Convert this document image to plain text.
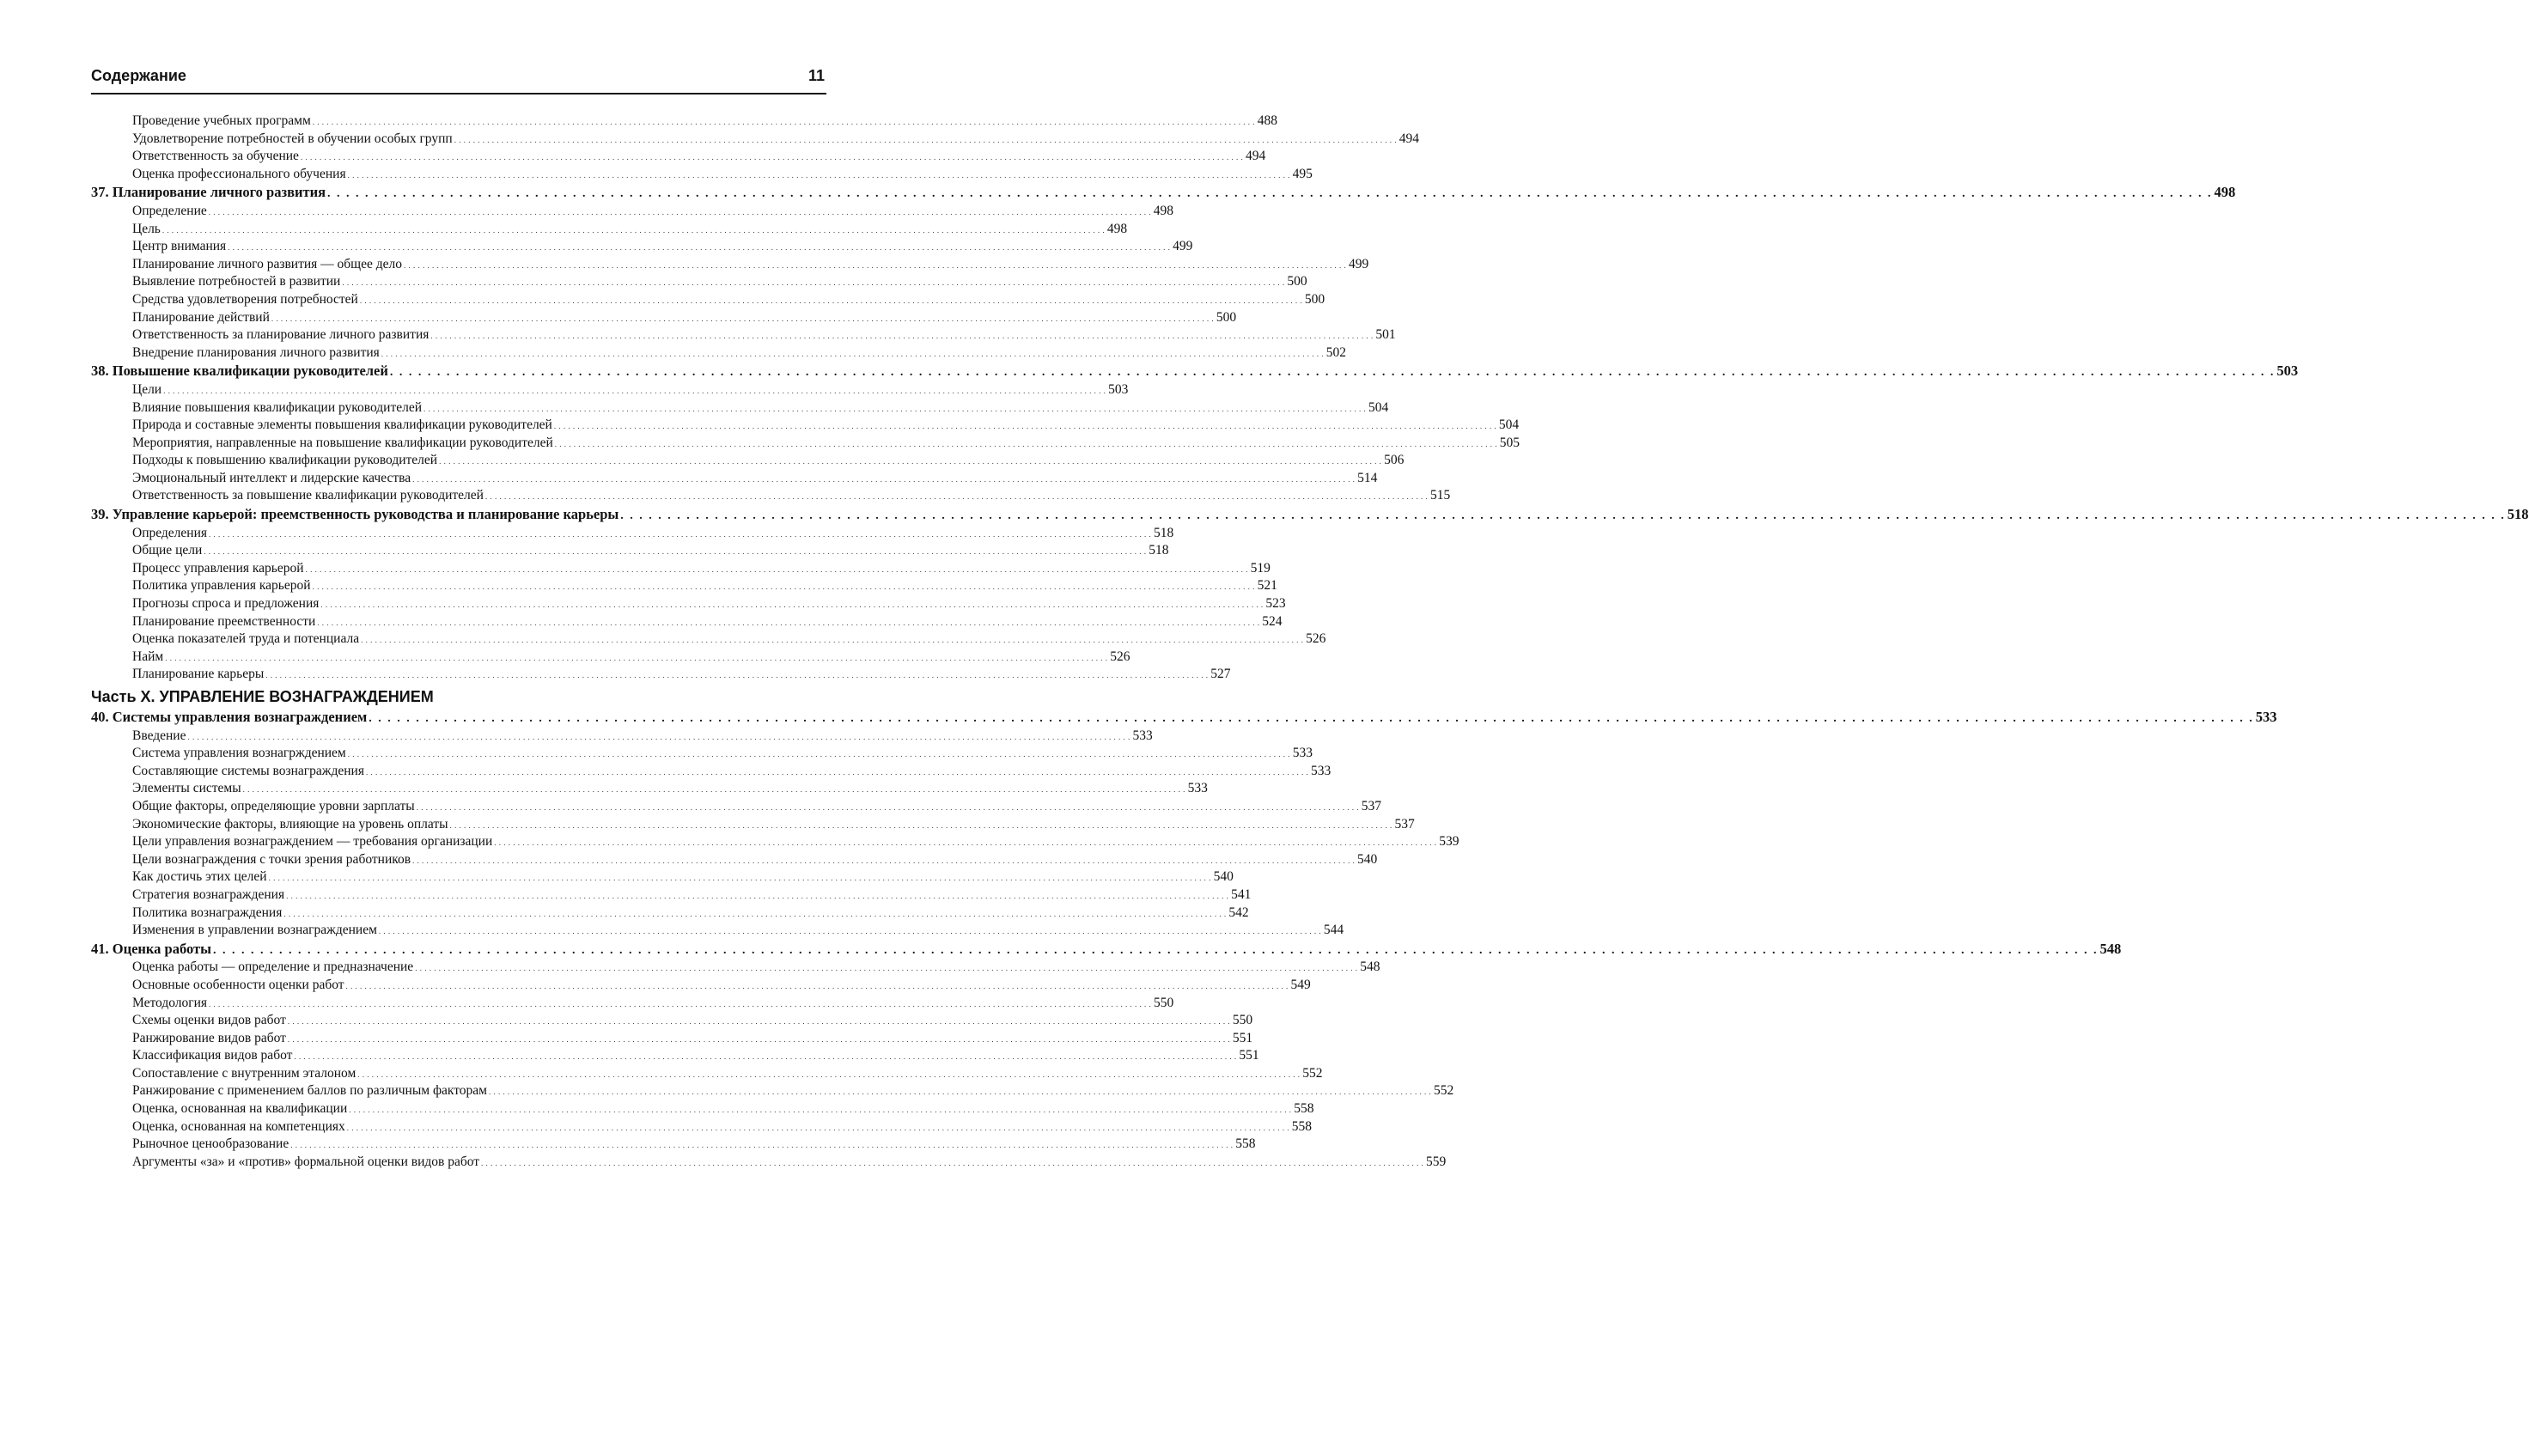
Содержание	11
Проведение учебных программ . . . . . . . . . . . . . . . . . . . . . . . . . . . . . . . . . . . . . . . . . . . . . . . . . . . . . . . . . . . . . . . . . . . . . . . . . . . . . . . . . . . . . . . . . . . . . . . . . . . . . . . . . . . . . . . . . . . . . . . . . . . . . . . . . . . . . . . . . . . . . . . . . . . . . . . . . . . . . . . . . . . . . . . . . . . . . . . . . . . . . . . . . . . . . . . . . . . . . . . . 488
Удовлетворение потребностей в обучении особых групп . . . . . . . . . . . . . . . . . . . . . . . . . . . . . . . . . . . . . . . . . . . . . . . . . . . . . . . . . . . . . . . . . . . . . . . . . . . . . . . . . . . . . . . . . . . . . . . . . . . . . . . . . . . . . . . . . . . . . . . . . . . . . . . . . . . . . . . . . . . . . . . . . . . . . . . . . . . . . . . . . . . . . . . . . . . . . . . . . . . . . . . . . . . . . . . . . . . . . . . . 494
Ответственность за обучение . . . . . . . . . . . . . . . . . . . . . . . . . . . . . . . . . . . . . . . . . . . . . . . . . . . . . . . . . . . . . . . . . . . . . . . . . . . . . . . . . . . . . . . . . . . . . . . . . . . . . . . . . . . . . . . . . . . . . . . . . . . . . . . . . . . . . . . . . . . . . . . . . . . . . . . . . . . . . . . . . . . . . . . . . . . . . . . . . . . . . . . . . . . . . . . . . . . . . . . . 494
Оценка профессионального обучения . . . . . . . . . . . . . . . . . . . . . . . . . . . . . . . . . . . . . . . . . . . . . . . . . . . . . . . . . . . . . . . . . . . . . . . . . . . . . . . . . . . . . . . . . . . . . . . . . . . . . . . . . . . . . . . . . . . . . . . . . . . . . . . . . . . . . . . . . . . . . . . . . . . . . . . . . . . . . . . . . . . . . . . . . . . . . . . . . . . . . . . . . . . . . . . . . . . . . . . . 495
37. Планирование личного развития . . . . . . . . . . . . . . . . . . . . . . . . . . . . . . . . . . . . . . . . . . . . . . . . . . . . . . . . . . . . . . . . . . . . . . . . . . . . . . . . . . . . . . . . . . . . . . . . . . . . . . . . . . . . . . . . . . . . . . . . . . . . . . . . . . . . . . . . . . . . . . . . . . . . . . . . . . . . . . . . . . . . . . . . . . . . . . . . . . . . . . . . . . . . . . . . . . . . . . . . 498
Определение . . . . . . . . . . . . . . . . . . . . . . . . . . . . . . . . . . . . . . . . . . . . . . . . . . . . . . . . . . . . . . . . . . . . . . . . . . . . . . . . . . . . . . . . . . . . . . . . . . . . . . . . . . . . . . . . . . . . . . . . . . . . . . . . . . . . . . . . . . . . . . . . . . . . . . . . . . . . . . . . . . . . . . . . . . . . . . . . . . . . . . . . . . . . . . . . . . . . . . . . 498
Цель . . . . . . . . . . . . . . . . . . . . . . . . . . . . . . . . . . . . . . . . . . . . . . . . . . . . . . . . . . . . . . . . . . . . . . . . . . . . . . . . . . . . . . . . . . . . . . . . . . . . . . . . . . . . . . . . . . . . . . . . . . . . . . . . . . . . . . . . . . . . . . . . . . . . . . . . . . . . . . . . . . . . . . . . . . . . . . . . . . . . . . . . . . . . . . . . . . . . . . . . 498
Центр внимания . . . . . . . . . . . . . . . . . . . . . . . . . . . . . . . . . . . . . . . . . . . . . . . . . . . . . . . . . . . . . . . . . . . . . . . . . . . . . . . . . . . . . . . . . . . . . . . . . . . . . . . . . . . . . . . . . . . . . . . . . . . . . . . . . . . . . . . . . . . . . . . . . . . . . . . . . . . . . . . . . . . . . . . . . . . . . . . . . . . . . . . . . . . . . . . . . . . . . . . . 499
Планирование личного развития — общее дело . . . . . . . . . . . . . . . . . . . . . . . . . . . . . . . . . . . . . . . . . . . . . . . . . . . . . . . . . . . . . . . . . . . . . . . . . . . . . . . . . . . . . . . . . . . . . . . . . . . . . . . . . . . . . . . . . . . . . . . . . . . . . . . . . . . . . . . . . . . . . . . . . . . . . . . . . . . . . . . . . . . . . . . . . . . . . . . . . . . . . . . . . . . . . . . . . . . . . . . . 499
Выявление потребностей в развитии . . . . . . . . . . . . . . . . . . . . . . . . . . . . . . . . . . . . . . . . . . . . . . . . . . . . . . . . . . . . . . . . . . . . . . . . . . . . . . . . . . . . . . . . . . . . . . . . . . . . . . . . . . . . . . . . . . . . . . . . . . . . . . . . . . . . . . . . . . . . . . . . . . . . . . . . . . . . . . . . . . . . . . . . . . . . . . . . . . . . . . . . . . . . . . . . . . . . . . . . 500
Средства удовлетворения потребностей . . . . . . . . . . . . . . . . . . . . . . . . . . . . . . . . . . . . . . . . . . . . . . . . . . . . . . . . . . . . . . . . . . . . . . . . . . . . . . . . . . . . . . . . . . . . . . . . . . . . . . . . . . . . . . . . . . . . . . . . . . . . . . . . . . . . . . . . . . . . . . . . . . . . . . . . . . . . . . . . . . . . . . . . . . . . . . . . . . . . . . . . . . . . . . . . . . . . . . . . 500
Планирование действий . . . . . . . . . . . . . . . . . . . . . . . . . . . . . . . . . . . . . . . . . . . . . . . . . . . . . . . . . . . . . . . . . . . . . . . . . . . . . . . . . . . . . . . . . . . . . . . . . . . . . . . . . . . . . . . . . . . . . . . . . . . . . . . . . . . . . . . . . . . . . . . . . . . . . . . . . . . . . . . . . . . . . . . . . . . . . . . . . . . . . . . . . . . . . . . . . . . . . . . . 500
Ответственность за планирование личного развития . . . . . . . . . . . . . . . . . . . . . . . . . . . . . . . . . . . . . . . . . . . . . . . . . . . . . . . . . . . . . . . . . . . . . . . . . . . . . . . . . . . . . . . . . . . . . . . . . . . . . . . . . . . . . . . . . . . . . . . . . . . . . . . . . . . . . . . . . . . . . . . . . . . . . . . . . . . . . . . . . . . . . . . . . . . . . . . . . . . . . . . . . . . . . . . . . . . . . . . . 501
Внедрение планирования личного развития . . . . . . . . . . . . . . . . . . . . . . . . . . . . . . . . . . . . . . . . . . . . . . . . . . . . . . . . . . . . . . . . . . . . . . . . . . . . . . . . . . . . . . . . . . . . . . . . . . . . . . . . . . . . . . . . . . . . . . . . . . . . . . . . . . . . . . . . . . . . . . . . . . . . . . . . . . . . . . . . . . . . . . . . . . . . . . . . . . . . . . . . . . . . . . . . . . . . . . . . 502
38. Повышение квалификации руководителей . . . . . . . . . . . . . . . . . . . . . . . . . . . . . . . . . . . . . . . . . . . . . . . . . . . . . . . . . . . . . . . . . . . . . . . . . . . . . . . . . . . . . . . . . . . . . . . . . . . . . . . . . . . . . . . . . . . . . . . . . . . . . . . . . . . . . . . . . . . . . . . . . . . . . . . . . . . . . . . . . . . . . . . . . . . . . . . . . . . . . . . . . . . . . . . . . . . . . . . . 503
Цели . . . . . . . . . . . . . . . . . . . . . . . . . . . . . . . . . . . . . . . . . . . . . . . . . . . . . . . . . . . . . . . . . . . . . . . . . . . . . . . . . . . . . . . . . . . . . . . . . . . . . . . . . . . . . . . . . . . . . . . . . . . . . . . . . . . . . . . . . . . . . . . . . . . . . . . . . . . . . . . . . . . . . . . . . . . . . . . . . . . . . . . . . . . . . . . . . . . . . . . . 503
Влияние повышения квалификации руководителей . . . . . . . . . . . . . . . . . . . . . . . . . . . . . . . . . . . . . . . . . . . . . . . . . . . . . . . . . . . . . . . . . . . . . . . . . . . . . . . . . . . . . . . . . . . . . . . . . . . . . . . . . . . . . . . . . . . . . . . . . . . . . . . . . . . . . . . . . . . . . . . . . . . . . . . . . . . . . . . . . . . . . . . . . . . . . . . . . . . . . . . . . . . . . . . . . . . . . . . . 504
Природа и составные элементы повышения квалификации руководителей . . . . . . . . . . . . . . . . . . . . . . . . . . . . . . . . . . . . . . . . . . . . . . . . . . . . . . . . . . . . . . . . . . . . . . . . . . . . . . . . . . . . . . . . . . . . . . . . . . . . . . . . . . . . . . . . . . . . . . . . . . . . . . . . . . . . . . . . . . . . . . . . . . . . . . . . . . . . . . . . . . . . . . . . . . . . . . . . . . . . . . . . . . . . . . . . . . . . . . . . 504
Мероприятия, направленные на повышение квалификации руководителей . . . . . . . . . . . . . . . . . . . . . . . . . . . . . . . . . . . . . . . . . . . . . . . . . . . . . . . . . . . . . . . . . . . . . . . . . . . . . . . . . . . . . . . . . . . . . . . . . . . . . . . . . . . . . . . . . . . . . . . . . . . . . . . . . . . . . . . . . . . . . . . . . . . . . . . . . . . . . . . . . . . . . . . . . . . . . . . . . . . . . . . . . . . . . . . . . . . . . . . . 505
Подходы к повышению квалификации руководителей . . . . . . . . . . . . . . . . . . . . . . . . . . . . . . . . . . . . . . . . . . . . . . . . . . . . . . . . . . . . . . . . . . . . . . . . . . . . . . . . . . . . . . . . . . . . . . . . . . . . . . . . . . . . . . . . . . . . . . . . . . . . . . . . . . . . . . . . . . . . . . . . . . . . . . . . . . . . . . . . . . . . . . . . . . . . . . . . . . . . . . . . . . . . . . . . . . . . . . . . 506
Эмоциональный интеллект и лидерские качества . . . . . . . . . . . . . . . . . . . . . . . . . . . . . . . . . . . . . . . . . . . . . . . . . . . . . . . . . . . . . . . . . . . . . . . . . . . . . . . . . . . . . . . . . . . . . . . . . . . . . . . . . . . . . . . . . . . . . . . . . . . . . . . . . . . . . . . . . . . . . . . . . . . . . . . . . . . . . . . . . . . . . . . . . . . . . . . . . . . . . . . . . . . . . . . . . . . . . . . . 514
Ответственность за повышение квалификации руководителей . . . . . . . . . . . . . . . . . . . . . . . . . . . . . . . . . . . . . . . . . . . . . . . . . . . . . . . . . . . . . . . . . . . . . . . . . . . . . . . . . . . . . . . . . . . . . . . . . . . . . . . . . . . . . . . . . . . . . . . . . . . . . . . . . . . . . . . . . . . . . . . . . . . . . . . . . . . . . . . . . . . . . . . . . . . . . . . . . . . . . . . . . . . . . . . . . . . . . . . . 515
39. Управление карьерой: преемственность руководства и планирование карьеры . . . . . . . . . . . . . . . . . . . . . . . . . . . . . . . . . . . . . . . . . . . . . . . . . . . . . . . . . . . . . . . . . . . . . . . . . . . . . . . . . . . . . . . . . . . . . . . . . . . . . . . . . . . . . . . . . . . . . . . . . . . . . . . . . . . . . . . . . . . . . . . . . . . . . . . . . . . . . . . . . . . . . . . . . . . . . . . . . . . . . . . . . . . . . . . . . . . . . . . . 518
Определения . . . . . . . . . . . . . . . . . . . . . . . . . . . . . . . . . . . . . . . . . . . . . . . . . . . . . . . . . . . . . . . . . . . . . . . . . . . . . . . . . . . . . . . . . . . . . . . . . . . . . . . . . . . . . . . . . . . . . . . . . . . . . . . . . . . . . . . . . . . . . . . . . . . . . . . . . . . . . . . . . . . . . . . . . . . . . . . . . . . . . . . . . . . . . . . . . . . . . . . . 518
Общие цели . . . . . . . . . . . . . . . . . . . . . . . . . . . . . . . . . . . . . . . . . . . . . . . . . . . . . . . . . . . . . . . . . . . . . . . . . . . . . . . . . . . . . . . . . . . . . . . . . . . . . . . . . . . . . . . . . . . . . . . . . . . . . . . . . . . . . . . . . . . . . . . . . . . . . . . . . . . . . . . . . . . . . . . . . . . . . . . . . . . . . . . . . . . . . . . . . . . . . . . . 518
Процесс управления карьерой . . . . . . . . . . . . . . . . . . . . . . . . . . . . . . . . . . . . . . . . . . . . . . . . . . . . . . . . . . . . . . . . . . . . . . . . . . . . . . . . . . . . . . . . . . . . . . . . . . . . . . . . . . . . . . . . . . . . . . . . . . . . . . . . . . . . . . . . . . . . . . . . . . . . . . . . . . . . . . . . . . . . . . . . . . . . . . . . . . . . . . . . . . . . . . . . . . . . . . . . 519
Политика управления карьерой . . . . . . . . . . . . . . . . . . . . . . . . . . . . . . . . . . . . . . . . . . . . . . . . . . . . . . . . . . . . . . . . . . . . . . . . . . . . . . . . . . . . . . . . . . . . . . . . . . . . . . . . . . . . . . . . . . . . . . . . . . . . . . . . . . . . . . . . . . . . . . . . . . . . . . . . . . . . . . . . . . . . . . . . . . . . . . . . . . . . . . . . . . . . . . . . . . . . . . . . 521
Прогнозы спроса и предложения . . . . . . . . . . . . . . . . . . . . . . . . . . . . . . . . . . . . . . . . . . . . . . . . . . . . . . . . . . . . . . . . . . . . . . . . . . . . . . . . . . . . . . . . . . . . . . . . . . . . . . . . . . . . . . . . . . . . . . . . . . . . . . . . . . . . . . . . . . . . . . . . . . . . . . . . . . . . . . . . . . . . . . . . . . . . . . . . . . . . . . . . . . . . . . . . . . . . . . . . 523
Планирование преемственности . . . . . . . . . . . . . . . . . . . . . . . . . . . . . . . . . . . . . . . . . . . . . . . . . . . . . . . . . . . . . . . . . . . . . . . . . . . . . . . . . . . . . . . . . . . . . . . . . . . . . . . . . . . . . . . . . . . . . . . . . . . . . . . . . . . . . . . . . . . . . . . . . . . . . . . . . . . . . . . . . . . . . . . . . . . . . . . . . . . . . . . . . . . . . . . . . . . . . . . . 524
Оценка показателей труда и потенциала . . . . . . . . . . . . . . . . . . . . . . . . . . . . . . . . . . . . . . . . . . . . . . . . . . . . . . . . . . . . . . . . . . . . . . . . . . . . . . . . . . . . . . . . . . . . . . . . . . . . . . . . . . . . . . . . . . . . . . . . . . . . . . . . . . . . . . . . . . . . . . . . . . . . . . . . . . . . . . . . . . . . . . . . . . . . . . . . . . . . . . . . . . . . . . . . . . . . . . . . 526
Найм . . . . . . . . . . . . . . . . . . . . . . . . . . . . . . . . . . . . . . . . . . . . . . . . . . . . . . . . . . . . . . . . . . . . . . . . . . . . . . . . . . . . . . . . . . . . . . . . . . . . . . . . . . . . . . . . . . . . . . . . . . . . . . . . . . . . . . . . . . . . . . . . . . . . . . . . . . . . . . . . . . . . . . . . . . . . . . . . . . . . . . . . . . . . . . . . . . . . . . . . 526
Планирование карьеры . . . . . . . . . . . . . . . . . . . . . . . . . . . . . . . . . . . . . . . . . . . . . . . . . . . . . . . . . . . . . . . . . . . . . . . . . . . . . . . . . . . . . . . . . . . . . . . . . . . . . . . . . . . . . . . . . . . . . . . . . . . . . . . . . . . . . . . . . . . . . . . . . . . . . . . . . . . . . . . . . . . . . . . . . . . . . . . . . . . . . . . . . . . . . . . . . . . . . . . . 527
Часть X. УПРАВЛЕНИЕ ВОЗНАГРАЖДЕНИЕМ
40. Системы управления вознаграждением . . . . . . . . . . . . . . . . . . . . . . . . . . . . . . . . . . . . . . . . . . . . . . . . . . . . . . . . . . . . . . . . . . . . . . . . . . . . . . . . . . . . . . . . . . . . . . . . . . . . . . . . . . . . . . . . . . . . . . . . . . . . . . . . . . . . . . . . . . . . . . . . . . . . . . . . . . . . . . . . . . . . . . . . . . . . . . . . . . . . . . . . . . . . . . . . . . . . . . . . 533
Введение . . . . . . . . . . . . . . . . . . . . . . . . . . . . . . . . . . . . . . . . . . . . . . . . . . . . . . . . . . . . . . . . . . . . . . . . . . . . . . . . . . . . . . . . . . . . . . . . . . . . . . . . . . . . . . . . . . . . . . . . . . . . . . . . . . . . . . . . . . . . . . . . . . . . . . . . . . . . . . . . . . . . . . . . . . . . . . . . . . . . . . . . . . . . . . . . . . . . . . . . 533
Система управления вознагрждением . . . . . . . . . . . . . . . . . . . . . . . . . . . . . . . . . . . . . . . . . . . . . . . . . . . . . . . . . . . . . . . . . . . . . . . . . . . . . . . . . . . . . . . . . . . . . . . . . . . . . . . . . . . . . . . . . . . . . . . . . . . . . . . . . . . . . . . . . . . . . . . . . . . . . . . . . . . . . . . . . . . . . . . . . . . . . . . . . . . . . . . . . . . . . . . . . . . . . . . . 533
Составляющие системы вознаграждения . . . . . . . . . . . . . . . . . . . . . . . . . . . . . . . . . . . . . . . . . . . . . . . . . . . . . . . . . . . . . . . . . . . . . . . . . . . . . . . . . . . . . . . . . . . . . . . . . . . . . . . . . . . . . . . . . . . . . . . . . . . . . . . . . . . . . . . . . . . . . . . . . . . . . . . . . . . . . . . . . . . . . . . . . . . . . . . . . . . . . . . . . . . . . . . . . . . . . . . . 533
Элементы системы . . . . . . . . . . . . . . . . . . . . . . . . . . . . . . . . . . . . . . . . . . . . . . . . . . . . . . . . . . . . . . . . . . . . . . . . . . . . . . . . . . . . . . . . . . . . . . . . . . . . . . . . . . . . . . . . . . . . . . . . . . . . . . . . . . . . . . . . . . . . . . . . . . . . . . . . . . . . . . . . . . . . . . . . . . . . . . . . . . . . . . . . . . . . . . . . . . . . . . . . 533
Общие факторы, определяющие уровни зарплаты . . . . . . . . . . . . . . . . . . . . . . . . . . . . . . . . . . . . . . . . . . . . . . . . . . . . . . . . . . . . . . . . . . . . . . . . . . . . . . . . . . . . . . . . . . . . . . . . . . . . . . . . . . . . . . . . . . . . . . . . . . . . . . . . . . . . . . . . . . . . . . . . . . . . . . . . . . . . . . . . . . . . . . . . . . . . . . . . . . . . . . . . . . . . . . . . . . . . . . . . 537
Экономические факторы, влияющие на уровень оплаты . . . . . . . . . . . . . . . . . . . . . . . . . . . . . . . . . . . . . . . . . . . . . . . . . . . . . . . . . . . . . . . . . . . . . . . . . . . . . . . . . . . . . . . . . . . . . . . . . . . . . . . . . . . . . . . . . . . . . . . . . . . . . . . . . . . . . . . . . . . . . . . . . . . . . . . . . . . . . . . . . . . . . . . . . . . . . . . . . . . . . . . . . . . . . . . . . . . . . . . . 537
Цели управления вознаграждением — требования организации . . . . . . . . . . . . . . . . . . . . . . . . . . . . . . . . . . . . . . . . . . . . . . . . . . . . . . . . . . . . . . . . . . . . . . . . . . . . . . . . . . . . . . . . . . . . . . . . . . . . . . . . . . . . . . . . . . . . . . . . . . . . . . . . . . . . . . . . . . . . . . . . . . . . . . . . . . . . . . . . . . . . . . . . . . . . . . . . . . . . . . . . . . . . . . . . . . . . . . . . 539
Цели вознаграждения с точки зрения работников . . . . . . . . . . . . . . . . . . . . . . . . . . . . . . . . . . . . . . . . . . . . . . . . . . . . . . . . . . . . . . . . . . . . . . . . . . . . . . . . . . . . . . . . . . . . . . . . . . . . . . . . . . . . . . . . . . . . . . . . . . . . . . . . . . . . . . . . . . . . . . . . . . . . . . . . . . . . . . . . . . . . . . . . . . . . . . . . . . . . . . . . . . . . . . . . . . . . . . . . 540
Как достичь этих целей . . . . . . . . . . . . . . . . . . . . . . . . . . . . . . . . . . . . . . . . . . . . . . . . . . . . . . . . . . . . . . . . . . . . . . . . . . . . . . . . . . . . . . . . . . . . . . . . . . . . . . . . . . . . . . . . . . . . . . . . . . . . . . . . . . . . . . . . . . . . . . . . . . . . . . . . . . . . . . . . . . . . . . . . . . . . . . . . . . . . . . . . . . . . . . . . . . . . . . . . 540
Стратегия вознаграждения . . . . . . . . . . . . . . . . . . . . . . . . . . . . . . . . . . . . . . . . . . . . . . . . . . . . . . . . . . . . . . . . . . . . . . . . . . . . . . . . . . . . . . . . . . . . . . . . . . . . . . . . . . . . . . . . . . . . . . . . . . . . . . . . . . . . . . . . . . . . . . . . . . . . . . . . . . . . . . . . . . . . . . . . . . . . . . . . . . . . . . . . . . . . . . . . . . . . . . . . 541
Политика вознаграждения . . . . . . . . . . . . . . . . . . . . . . . . . . . . . . . . . . . . . . . . . . . . . . . . . . . . . . . . . . . . . . . . . . . . . . . . . . . . . . . . . . . . . . . . . . . . . . . . . . . . . . . . . . . . . . . . . . . . . . . . . . . . . . . . . . . . . . . . . . . . . . . . . . . . . . . . . . . . . . . . . . . . . . . . . . . . . . . . . . . . . . . . . . . . . . . . . . . . . . . . 542
Изменения в управлении вознаграждением . . . . . . . . . . . . . . . . . . . . . . . . . . . . . . . . . . . . . . . . . . . . . . . . . . . . . . . . . . . . . . . . . . . . . . . . . . . . . . . . . . . . . . . . . . . . . . . . . . . . . . . . . . . . . . . . . . . . . . . . . . . . . . . . . . . . . . . . . . . . . . . . . . . . . . . . . . . . . . . . . . . . . . . . . . . . . . . . . . . . . . . . . . . . . . . . . . . . . . . . 544
41. Оценка работы . . . . . . . . . . . . . . . . . . . . . . . . . . . . . . . . . . . . . . . . . . . . . . . . . . . . . . . . . . . . . . . . . . . . . . . . . . . . . . . . . . . . . . . . . . . . . . . . . . . . . . . . . . . . . . . . . . . . . . . . . . . . . . . . . . . . . . . . . . . . . . . . . . . . . . . . . . . . . . . . . . . . . . . . . . . . . . . . . . . . . . . . . . . . . . . . . . . . . . . . 548
Оценка работы — определение и предназначение . . . . . . . . . . . . . . . . . . . . . . . . . . . . . . . . . . . . . . . . . . . . . . . . . . . . . . . . . . . . . . . . . . . . . . . . . . . . . . . . . . . . . . . . . . . . . . . . . . . . . . . . . . . . . . . . . . . . . . . . . . . . . . . . . . . . . . . . . . . . . . . . . . . . . . . . . . . . . . . . . . . . . . . . . . . . . . . . . . . . . . . . . . . . . . . . . . . . . . . . 548
Основные особенности оценки работ . . . . . . . . . . . . . . . . . . . . . . . . . . . . . . . . . . . . . . . . . . . . . . . . . . . . . . . . . . . . . . . . . . . . . . . . . . . . . . . . . . . . . . . . . . . . . . . . . . . . . . . . . . . . . . . . . . . . . . . . . . . . . . . . . . . . . . . . . . . . . . . . . . . . . . . . . . . . . . . . . . . . . . . . . . . . . . . . . . . . . . . . . . . . . . . . . . . . . . . . 549
Методология . . . . . . . . . . . . . . . . . . . . . . . . . . . . . . . . . . . . . . . . . . . . . . . . . . . . . . . . . . . . . . . . . . . . . . . . . . . . . . . . . . . . . . . . . . . . . . . . . . . . . . . . . . . . . . . . . . . . . . . . . . . . . . . . . . . . . . . . . . . . . . . . . . . . . . . . . . . . . . . . . . . . . . . . . . . . . . . . . . . . . . . . . . . . . . . . . . . . . . . . 550
Схемы оценки видов работ . . . . . . . . . . . . . . . . . . . . . . . . . . . . . . . . . . . . . . . . . . . . . . . . . . . . . . . . . . . . . . . . . . . . . . . . . . . . . . . . . . . . . . . . . . . . . . . . . . . . . . . . . . . . . . . . . . . . . . . . . . . . . . . . . . . . . . . . . . . . . . . . . . . . . . . . . . . . . . . . . . . . . . . . . . . . . . . . . . . . . . . . . . . . . . . . . . . . . . . . 550
Ранжирование видов работ . . . . . . . . . . . . . . . . . . . . . . . . . . . . . . . . . . . . . . . . . . . . . . . . . . . . . . . . . . . . . . . . . . . . . . . . . . . . . . . . . . . . . . . . . . . . . . . . . . . . . . . . . . . . . . . . . . . . . . . . . . . . . . . . . . . . . . . . . . . . . . . . . . . . . . . . . . . . . . . . . . . . . . . . . . . . . . . . . . . . . . . . . . . . . . . . . . . . . . . . 551
Классификация видов работ . . . . . . . . . . . . . . . . . . . . . . . . . . . . . . . . . . . . . . . . . . . . . . . . . . . . . . . . . . . . . . . . . . . . . . . . . . . . . . . . . . . . . . . . . . . . . . . . . . . . . . . . . . . . . . . . . . . . . . . . . . . . . . . . . . . . . . . . . . . . . . . . . . . . . . . . . . . . . . . . . . . . . . . . . . . . . . . . . . . . . . . . . . . . . . . . . . . . . . . . 551
Сопоставление с внутренним эталоном . . . . . . . . . . . . . . . . . . . . . . . . . . . . . . . . . . . . . . . . . . . . . . . . . . . . . . . . . . . . . . . . . . . . . . . . . . . . . . . . . . . . . . . . . . . . . . . . . . . . . . . . . . . . . . . . . . . . . . . . . . . . . . . . . . . . . . . . . . . . . . . . . . . . . . . . . . . . . . . . . . . . . . . . . . . . . . . . . . . . . . . . . . . . . . . . . . . . . . . . 552
Ранжирование с применением баллов по различным факторам . . . . . . . . . . . . . . . . . . . . . . . . . . . . . . . . . . . . . . . . . . . . . . . . . . . . . . . . . . . . . . . . . . . . . . . . . . . . . . . . . . . . . . . . . . . . . . . . . . . . . . . . . . . . . . . . . . . . . . . . . . . . . . . . . . . . . . . . . . . . . . . . . . . . . . . . . . . . . . . . . . . . . . . . . . . . . . . . . . . . . . . . . . . . . . . . . . . . . . . . 552
Оценка, основанная на квалификации . . . . . . . . . . . . . . . . . . . . . . . . . . . . . . . . . . . . . . . . . . . . . . . . . . . . . . . . . . . . . . . . . . . . . . . . . . . . . . . . . . . . . . . . . . . . . . . . . . . . . . . . . . . . . . . . . . . . . . . . . . . . . . . . . . . . . . . . . . . . . . . . . . . . . . . . . . . . . . . . . . . . . . . . . . . . . . . . . . . . . . . . . . . . . . . . . . . . . . . . 558
Оценка, основанная на компетенциях . . . . . . . . . . . . . . . . . . . . . . . . . . . . . . . . . . . . . . . . . . . . . . . . . . . . . . . . . . . . . . . . . . . . . . . . . . . . . . . . . . . . . . . . . . . . . . . . . . . . . . . . . . . . . . . . . . . . . . . . . . . . . . . . . . . . . . . . . . . . . . . . . . . . . . . . . . . . . . . . . . . . . . . . . . . . . . . . . . . . . . . . . . . . . . . . . . . . . . . . 558
Рыночное ценообразование . . . . . . . . . . . . . . . . . . . . . . . . . . . . . . . . . . . . . . . . . . . . . . . . . . . . . . . . . . . . . . . . . . . . . . . . . . . . . . . . . . . . . . . . . . . . . . . . . . . . . . . . . . . . . . . . . . . . . . . . . . . . . . . . . . . . . . . . . . . . . . . . . . . . . . . . . . . . . . . . . . . . . . . . . . . . . . . . . . . . . . . . . . . . . . . . . . . . . . . . 558
Аргументы «за» и «против» формальной оценки видов работ . . . . . . . . . . . . . . . . . . . . . . . . . . . . . . . . . . . . . . . . . . . . . . . . . . . . . . . . . . . . . . . . . . . . . . . . . . . . . . . . . . . . . . . . . . . . . . . . . . . . . . . . . . . . . . . . . . . . . . . . . . . . . . . . . . . . . . . . . . . . . . . . . . . . . . . . . . . . . . . . . . . . . . . . . . . . . . . . . . . . . . . . . . . . . . . . . . . . . . . . 559
